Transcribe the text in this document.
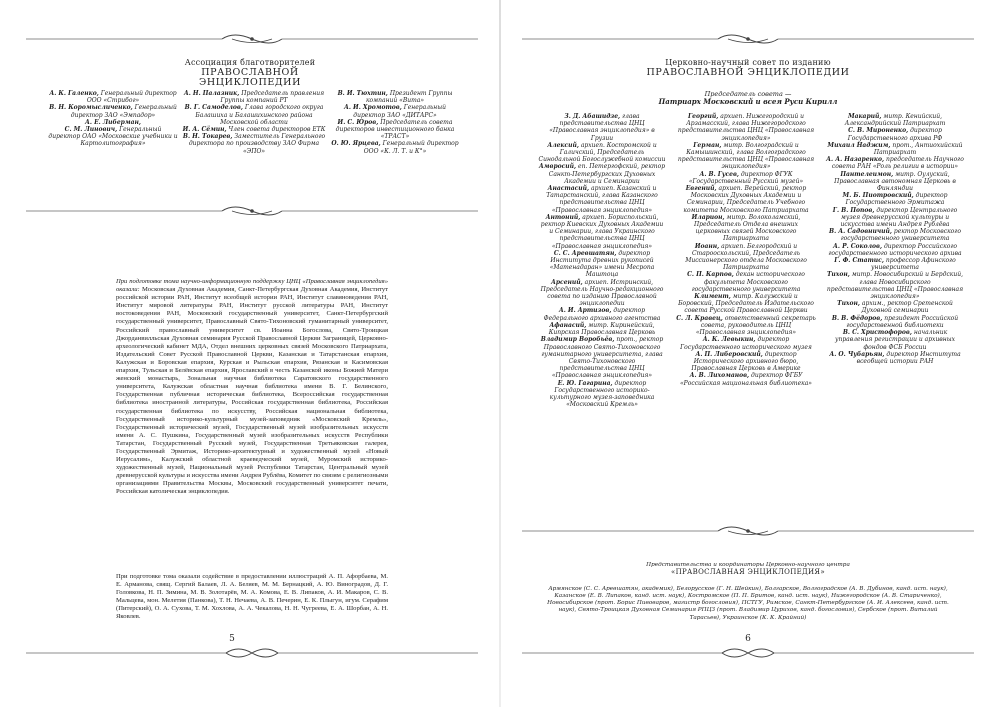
Ассоциация благотворителей
ПРАВОСЛАВНОЙ ЭНЦИКЛОПЕДИИ
А. К. Галенко, Генеральный директор ООО «Стрибог»
В. Н. Коромысличенко, Генеральный директор ЗАО «Эмпадор»
А. Е. Либерман,
С. М. Линович, Генеральный директор ОАО «Московские учебники и Картолитография»
А. Н. Палазник, Председатель правления Группы компаний РТ
В. Г. Самоделов, Глава городского округа Балашиха и Балашихинского района Московской области
И. А. Сёмин, Член совета директоров ЕТК
В. Н. Токарев, Заместитель Генерального директора по производству ЗАО Фирма «ЭПО»
В. И. Тюхтин, Президент Группы компаний «Вита»
А. И. Хромотов, Генеральный директор ЗАО «ДИТАРС»
И. С. Юров, Председатель совета директоров инвестиционного банка «ТРАСТ»
О. Ю. Ярцева, Генеральный директор ООО «К. Л. Т. и К°»
При подготовке тома научно-информационную поддержку ЦНЦ «Православная энциклопедия» оказали: Московская Духовная Академия, Санкт-Петербургская Духовная Академия, Институт российской истории РАН, Институт всеобщей истории РАН, Институт славяноведения РАН, Институт мировой литературы РАН, Институт русской литературы РАН, Институт востоковедения РАН, Московский государственный университет, Санкт-Петербургский государственный университет, Православный Свято-Тихоновский гуманитарный университет, Российский православный университет св. Иоанна Богослова, Свято-Троицкая Джорданвилльская Духовная семинария Русской Православной Церкви Заграницей, Церковно-археологический кабинет МДА, Отдел внешних церковных связей Московского Патриархата, Издательский Совет Русской Православной Церкви, Казанская и Татарстанская епархия, Калужская и Боровская епархия, Курская и Рыльская епархия, Рязанская и Касимовская епархия, Тульская и Белёвская епархия, Ярославский в честь Казанской иконы Божией Матери женский монастырь, Зональная научная библиотека Саратовского государственного университета, Калужская областная научная библиотека имени В. Г. Белинского, Государственная публичная историческая библиотека, Всероссийская государственная библиотека иностранной литературы, Российская государственная библиотека, Российская государственная библиотека по искусству, Российская национальная библиотека, Государственный историко-культурный музей-заповедник «Московский Кремль», Государственный исторический музей, Государственный музей изобразительных искусств имени А. С. Пушкина, Государственный музей изобразительных искусств Республики Татарстан, Государственный Русский музей, Государственная Третьяковская галерея, Государственный Эрмитаж, Историко-архитектурный и художественный музей «Новый Иерусалим», Калужский областной краеведческий музей, Муромский историко-художественный музей, Национальный музей Республики Татарстан, Центральный музей древнерусской культуры и искусства имени Андрея Рублёва, Комитет по связям с религиозными организациями Правительства Москвы, Московский государственный университет печати, Российская католическая энциклопедия.
При подготовке тома оказали содействие в предоставлении иллюстраций А. П. Афорбаева, М. Е. Арманова, свящ. Сергий Балаев, Л. А. Беляев, М. М. Бернацкий, А. Ю. Виноградов, Д. Г. Головкова, Н. П. Зимина, М. В. Золотарёв, М. А. Комова, Е. В. Липаков, А. И. Макаров, С. В. Мальцева, мон. Мелетия (Панкова), Т. Н. Нечаева, А. В. Печерин, Е. К. Плыгун, игум. Серафим (Питерский), О. А. Сухова, Т. М. Хохлова, А. А. Чекалова, Н. Н. Чугреева, Е. А. Шорбан, А. Н. Яковлев.
5
Церковно-научный совет по изданию
ПРАВОСЛАВНОЙ ЭНЦИКЛОПЕДИИ
Председатель совета —
Патриарх Московский и всея Руси Кирилл
З. Д. Абашидзе, глава представительства ЦНЦ «Православная энциклопедия» в Грузии
Алексий, архиеп. Костромской и Галичский, Председатель Синодальной Богослужебной комиссии
Амвросий, еп. Петергофский, ректор Санкт-Петербургских Духовных Академии и Семинарии
Анастасий, архиеп. Казанский и Татарстанский, глава Казанского представительства ЦНЦ «Православная энциклопедия»
Антоний, архиеп. Бориспольский, ректор Киевских Духовных Академии и Семинарии, глава Украинского представительства ЦНЦ «Православная энциклопедия»
С. С. Аревшатян, директор Института древних рукописей «Матенадаран» имени Месропа Маштоца
Арсений, архиеп. Истринский, Председатель Научно-редакционного совета по изданию Православной энциклопедии
А. И. Артизов, директор Федерального архивного агентства
Афанасий, митр. Киринейский, Кипрская Православная Церковь
Владимир Воробьёв, прот., ректор Православного Свято-Тихоновского гуманитарного университета, глава Свято-Тихоновского представительства ЦНЦ «Православная энциклопедия»
Е. Ю. Гагарина, директор Государственного историко-культурного музея-заповедника «Московский Кремль»
Георгий, архиеп. Нижегородский и Арзамасский, глава Нижегородского представительства ЦНЦ «Православная энциклопедия»
Герман, митр. Волгоградский и Камышинский, глава Волгоградского представительства ЦНЦ «Православная энциклопедия»
А. В. Гусев, директор ФГУК «Государственный Русский музей»
Евгений, архиеп. Верейский, ректор Московских Духовных Академии и Семинарии, Председатель Учебного комитета Московского Патриархата
Иларион, митр. Волоколамский, Председатель Отдела внешних церковных связей Московского Патриархата
Иоанн, архиеп. Белгородский и Старооскольский, Председатель Миссионерского отдела Московского Патриархата
С. П. Карпов, декан исторического факультета Московского государственного университета
Климент, митр. Калужский и Боровский, Председатель Издательского совета Русской Православной Церкви
С. Л. Кравец, ответственный секретарь совета, руководитель ЦНЦ «Православная энциклопедия»
А. К. Левыкин, директор Государственного исторического музея
А. П. Либеровский, директор Исторического архивного бюро, Православная Церковь в Америке
А. В. Лихоманов, директор ФГБУ «Российская национальная библиотека»
Макарий, митр. Кенийский, Александрийский Патриархат
С. В. Мироненко, директор Государственного архива РФ
Михаил Наджим, прот., Антиохийский Патриархат
А. А. Назаренко, председатель Научного совета РАН «Роль религии в истории»
Пантелеимон, митр. Оулуский, Православная автономная Церковь в Финляндии
М. Б. Пиотровский, директор Государственного Эрмитажа
Г. В. Попов, директор Центрального музея древнерусской культуры и искусства имени Андрея Рублёва
В. А. Садовничий, ректор Московского государственного университета
А. Р. Соколов, директор Российского государственного исторического архива
Г. Ф. Статис, профессор Афинского университета
Тихон, митр. Новосибирский и Бердский, глава Новосибирского представительства ЦНЦ «Православная энциклопедия»
Тихон, архим., ректор Сретенской Духовной семинарии
В. В. Фёдоров, президент Российской государственной библиотеки
В. С. Христофоров, начальник управления регистрации и архивных фондов ФСБ России
А. О. Чубарьян, директор Института всеобщей истории РАН
Представительства и координаторы Церковно-научного центра
«ПРАВОСЛАВНАЯ ЭНЦИКЛОПЕДИЯ»
Армянское (С. С. Аревшатян, академик), Белорусское (Г. Н. Шейкин), Болгарское, Волгоградское (А. В. Дубинов, канд. ист. наук), Казанское (Е. В. Липаков, канд. ист. наук), Костромское (П. П. Бритов, канд. ист. наук), Нижегородское (А. В. Стариченко), Новосибирское (прот. Борис Пивоваров, магистр богословия), ПСТГУ, Римское, Санкт-Петербургское (А. И. Алексеев, канд. ист. наук), Свято-Троицкая Духовная Семинария РПЦЗ (прот. Владимир Цурихов, канд. богословия), Сербское (прот. Виталий Тарасьев), Украинское (К. К. Крайний)
6
